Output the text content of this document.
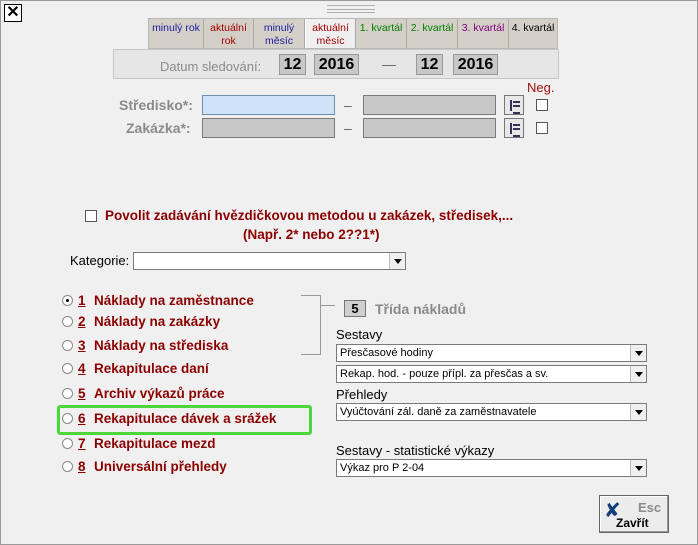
✕
minulý rok aktuální
rok
minulý
měsíc
aktuální
měsíc
1. kvartál 2. kvartál 3. kvartál 4. kvartál
Datum sledování: 12 2016	— 12 2016
Neg.
Středisko*:	–
Zakázka*:	–
Povolit zadávání hvězdičkovou metodou u zakázek, středisek,...
(Např. 2* nebo 2??1*)
Kategorie:
1 Náklady na zaměstnance
2 Náklady na zakázky
3 Náklady na střediska
4 Rekapitulace daní
5 Archiv výkazů práce
6 Rekapitulace dávek a srážek
7 Rekapitulace mezd
8 Universální přehledy
5	Třída nákladů
Sestavy
Přesčasové hodiny
Rekap. hod. - pouze přípl. za přesčas a sv.
Přehledy
Vyúčtování zál. daně za zaměstnavatele
Sestavy - statistické výkazy
Výkaz pro P 2-04
✘ Esc
Zavřít
